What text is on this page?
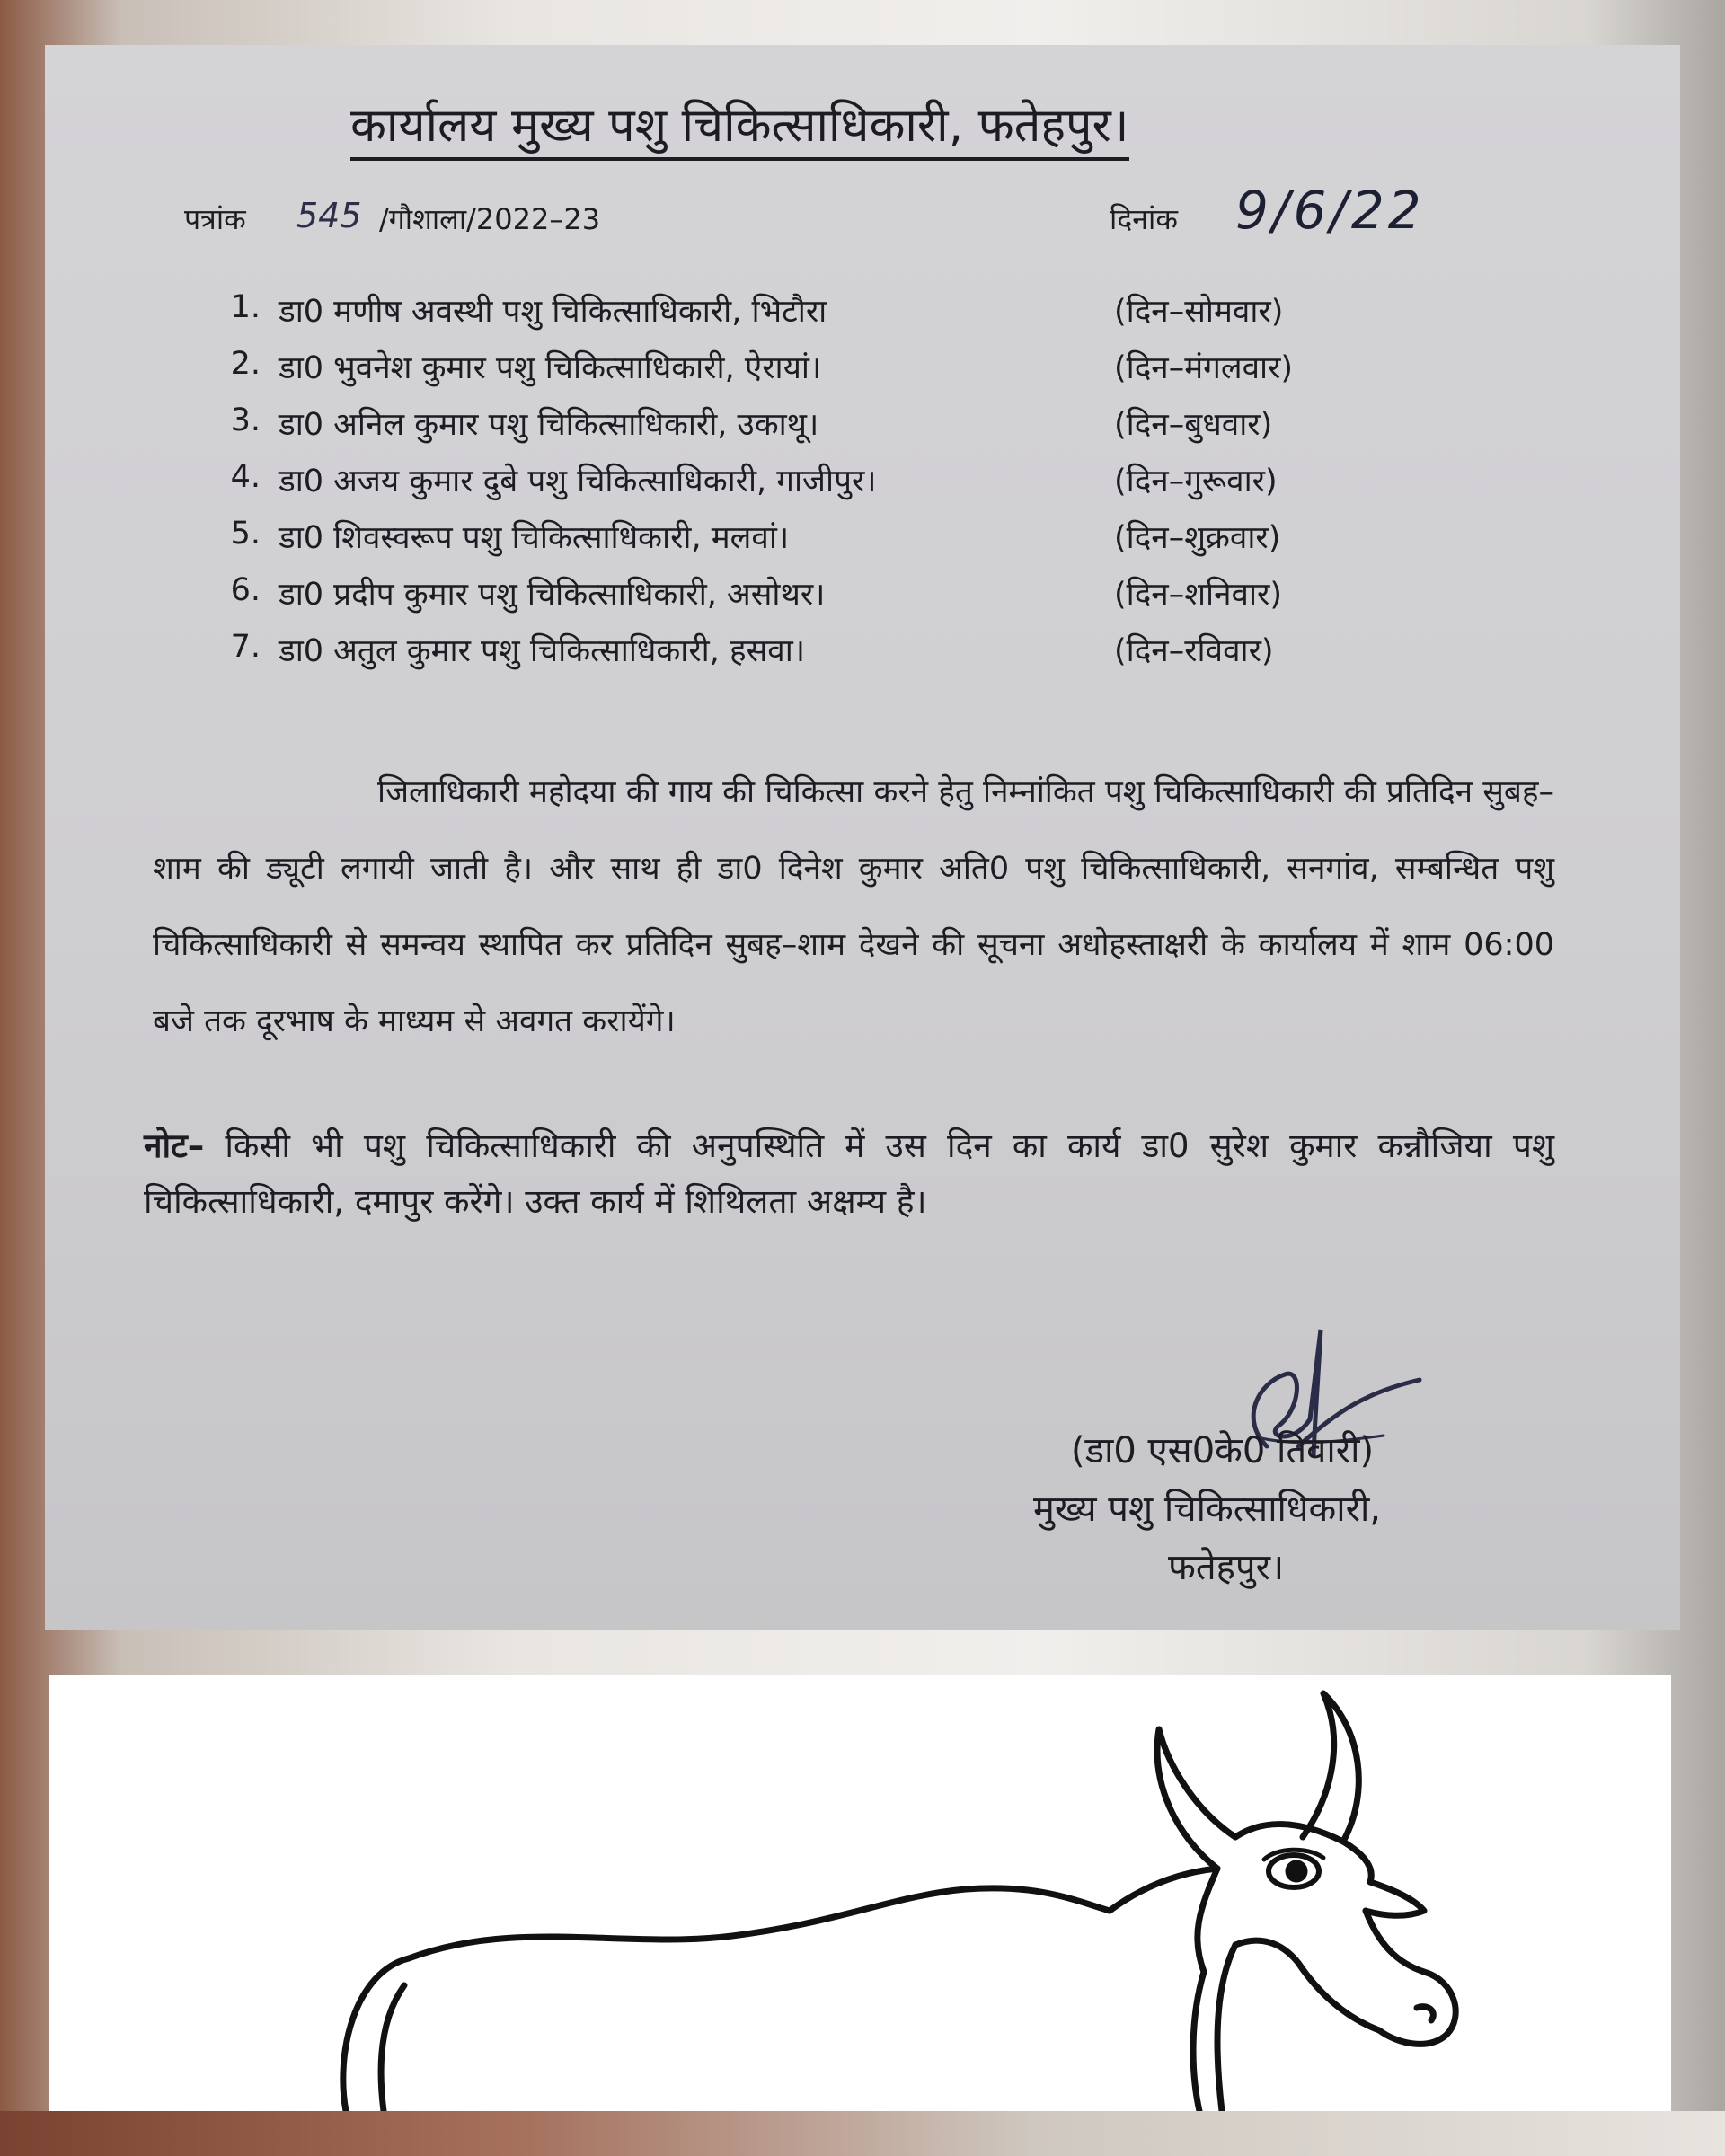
कार्यालय मुख्य पशु चिकित्साधिकारी, फतेहपुर।
पत्रांक 545 /गौशाला/2022–23	दिनांक 9/6/22
1. डा0 मणीष अवस्थी पशु चिकित्साधिकारी, भिटौरा	(दिन–सोमवार)
2. डा0 भुवनेश कुमार पशु चिकित्साधिकारी, ऐरायां।	(दिन–मंगलवार)
3. डा0 अनिल कुमार पशु चिकित्साधिकारी, उकाथू।	(दिन–बुधवार)
4. डा0 अजय कुमार दुबे पशु चिकित्साधिकारी, गाजीपुर।	(दिन–गुरूवार)
5. डा0 शिवस्वरूप पशु चिकित्साधिकारी, मलवां।	(दिन–शुक्रवार)
6. डा0 प्रदीप कुमार पशु चिकित्साधिकारी, असोथर।	(दिन–शनिवार)
7. डा0 अतुल कुमार पशु चिकित्साधिकारी, हसवा।	(दिन–रविवार)
जिलाधिकारी महोदया की गाय की चिकित्सा करने हेतु निम्नांकित पशु चिकित्साधिकारी की प्रतिदिन सुबह–शाम की ड्यूटी लगायी जाती है। और साथ ही डा0 दिनेश कुमार अति0 पशु चिकित्साधिकारी, सनगांव, सम्बन्धित पशु चिकित्साधिकारी से समन्वय स्थापित कर प्रतिदिन सुबह–शाम देखने की सूचना अधोहस्ताक्षरी के कार्यालय में शाम 06:00 बजे तक दूरभाष के माध्यम से अवगत करायेंगे।
नोट– किसी भी पशु चिकित्साधिकारी की अनुपस्थिति में उस दिन का कार्य डा0 सुरेश कुमार कन्नौजिया पशु चिकित्साधिकारी, दमापुर करेंगे। उक्त कार्य में शिथिलता अक्षम्य है।
(डा0 एस0के0 तिवारी)
मुख्य पशु चिकित्साधिकारी,
फतेहपुर।
